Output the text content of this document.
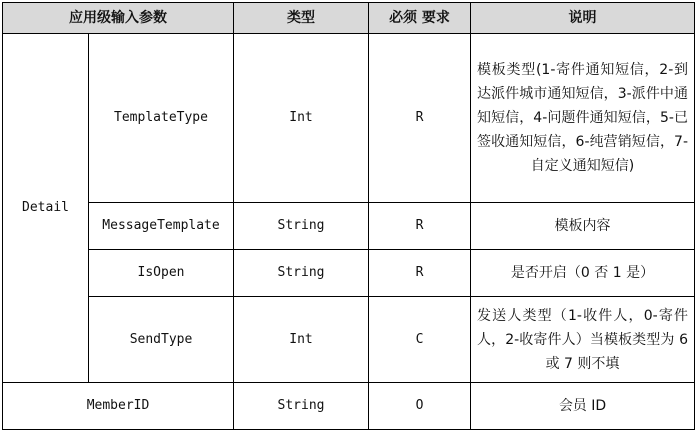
应用级输入参数		类型	必须 要求	说明
Detail	TemplateType	Int	R	模板类型(1-寄件通知短信，2-到达派件城市通知短信，3-派件中通知短信，4-问题件通知短信，5-已签收通知短信，6-纯营销短信，7-自定义通知短信)
	MessageTemplate	String	R	模板内容
	IsOpen	String	R	是否开启（0 否 1 是）
	SendType	Int	C	发送人类型（1-收件人，0-寄件人，2-收寄件人）当模板类型为 6 或 7 则不填
MemberID		String	O	会员 ID
